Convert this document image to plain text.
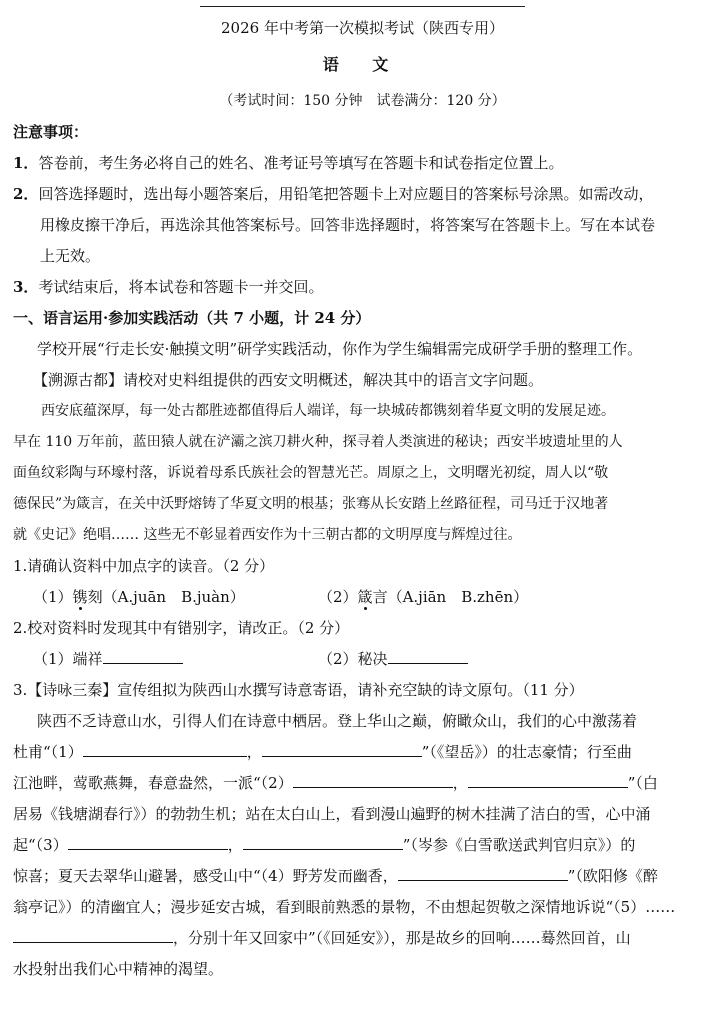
2026 年中考第一次模拟考试（陕西专用）
语 文
（考试时间：150 分钟　试卷满分：120 分）
注意事项：
1．答卷前，考生务必将自己的姓名、准考证号等填写在答题卡和试卷指定位置上。
2．回答选择题时，选出每小题答案后，用铅笔把答题卡上对应题目的答案标号涂黑。如需改动，
用橡皮擦干净后，再选涂其他答案标号。回答非选择题时，将答案写在答题卡上。写在本试卷
上无效。
3．考试结束后，将本试卷和答题卡一并交回。
一、语言运用·参加实践活动（共 7 小题，计 24 分）
学校开展“行走长安·触摸文明”研学实践活动，你作为学生编辑需完成研学手册的整理工作。
【溯源古都】请校对史料组提供的西安文明概述，解决其中的语言文字问题。
西安底蕴深厚，每一处古都胜迹都值得后人端详，每一块城砖都镌刻着华夏文明的发展足迹。
早在 110 万年前，蓝田猿人就在浐灞之滨刀耕火种，探寻着人类演进的秘诀；西安半坡遗址里的人
面鱼纹彩陶与环壕村落，诉说着母系氏族社会的智慧光芒。周原之上，文明曙光初绽，周人以“敬
德保民”为箴言，在关中沃野熔铸了华夏文明的根基；张骞从长安踏上丝路征程，司马迁于汉地著
就《史记》绝唱…… 这些无不彰显着西安作为十三朝古都的文明厚度与辉煌过往。
1.请确认资料中加点字的读音。（2 分）
（1）镌刻（A.juān　B.juàn）	（2）箴言（A.jiān　B.zhēn）
2.校对资料时发现其中有错别字，请改正。（2 分）
（1）端祥	（2）秘决
3.【诗咏三秦】宣传组拟为陕西山水撰写诗意寄语，请补充空缺的诗文原句。（11 分）
陕西不乏诗意山水，引得人们在诗意中栖居。登上华山之巅，俯瞰众山，我们的心中激荡着
杜甫“（1）	，	”（《望岳》）的壮志豪情；行至曲
江池畔，莺歌燕舞，春意盎然，一派“（2）	，	”（白
居易《钱塘湖春行》）的勃勃生机；站在太白山上，看到漫山遍野的树木挂满了洁白的雪，心中涌
起“（3）	，	”（岑参《白雪歌送武判官归京》）的
惊喜；夏天去翠华山避暑，感受山中“（4）野芳发而幽香，	”（欧阳修《醉
翁亭记》）的清幽宜人；漫步延安古城，看到眼前熟悉的景物，不由想起贺敬之深情地诉说“（5）……
，分别十年又回家中”（《回延安》），那是故乡的回响……蓦然回首，山
水投射出我们心中精神的渴望。
